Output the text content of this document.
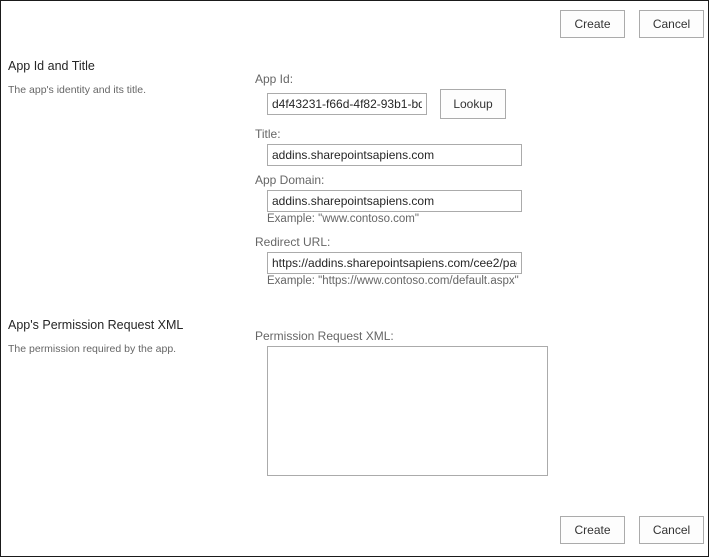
Create	Cancel
App Id and Title
The app's identity and its title.
App Id:
d4f43231-f66d-4f82-93b1-bd
Lookup
Title:
addins.sharepointsapiens.com
App Domain:
addins.sharepointsapiens.com
Example: "www.contoso.com"
Redirect URL:
https://addins.sharepointsapiens.com/cee2/pages
Example: "https://www.contoso.com/default.aspx"
App's Permission Request XML
The permission required by the app.
Permission Request XML:
Create	Cancel
